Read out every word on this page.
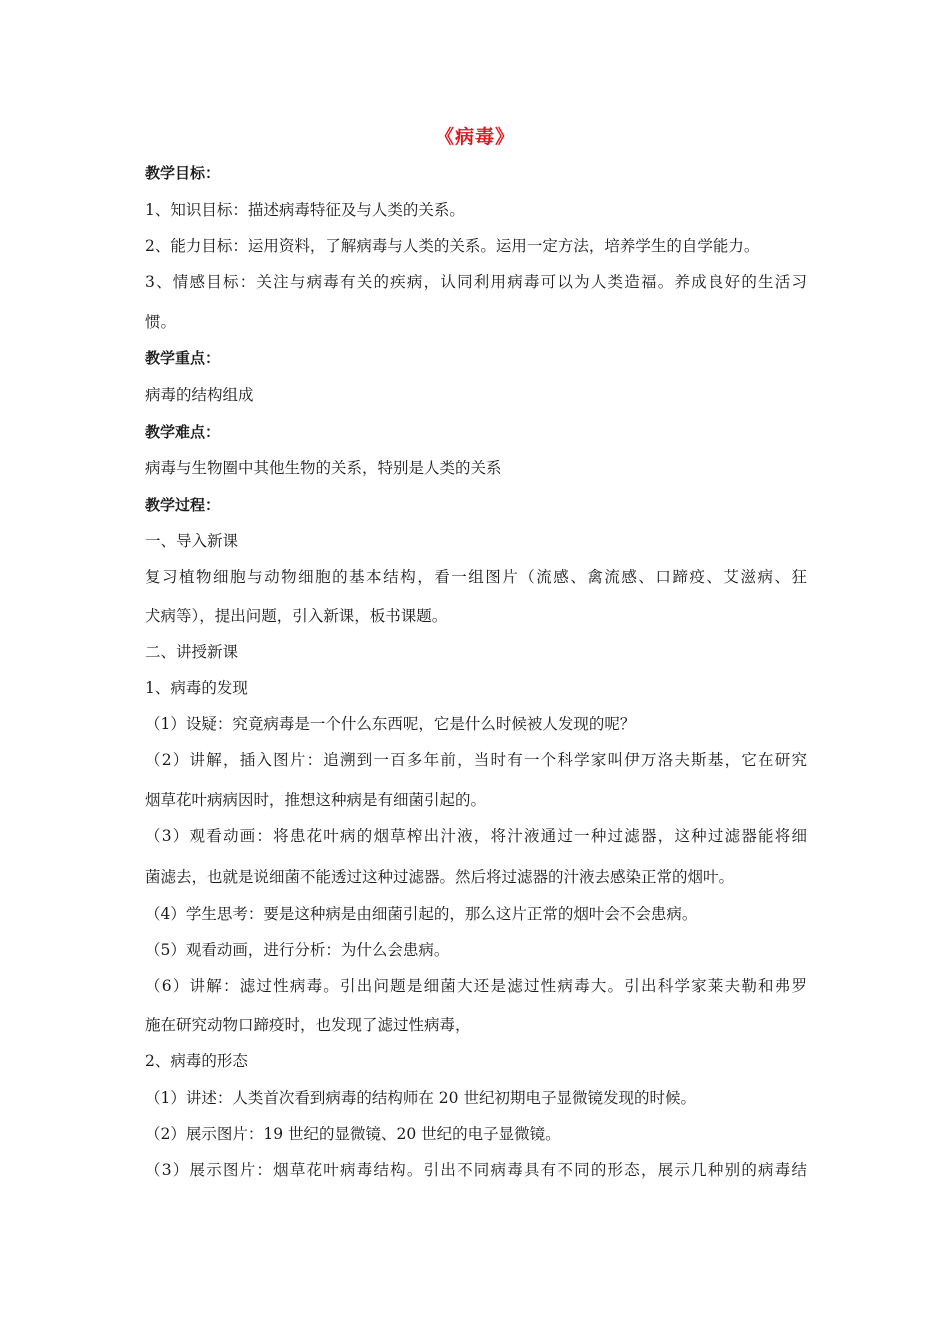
《病毒》
教学目标：
1、知识目标：描述病毒特征及与人类的关系。
2、能力目标：运用资料，了解病毒与人类的关系。运用一定方法，培养学生的自学能力。
3、情感目标：关注与病毒有关的疾病，认同利用病毒可以为人类造福。养成良好的生活习
惯。
教学重点：
病毒的结构组成
教学难点：
病毒与生物圈中其他生物的关系，特别是人类的关系
教学过程：
一、导入新课
复习植物细胞与动物细胞的基本结构，看一组图片（流感、禽流感、口蹄疫、艾滋病、狂
犬病等），提出问题，引入新课，板书课题。
二、讲授新课
1、病毒的发现
（1）设疑：究竟病毒是一个什么东西呢，它是什么时候被人发现的呢？
（2）讲解，插入图片：追溯到一百多年前，当时有一个科学家叫伊万洛夫斯基，它在研究
烟草花叶病病因时，推想这种病是有细菌引起的。
（3）观看动画：将患花叶病的烟草榨出汁液，将汁液通过一种过滤器，这种过滤器能将细
菌滤去，也就是说细菌不能透过这种过滤器。然后将过滤器的汁液去感染正常的烟叶。
（4）学生思考：要是这种病是由细菌引起的，那么这片正常的烟叶会不会患病。
（5）观看动画，进行分析：为什么会患病。
（6）讲解：滤过性病毒。引出问题是细菌大还是滤过性病毒大。引出科学家莱夫勒和弗罗
施在研究动物口蹄疫时，也发现了滤过性病毒，
2、病毒的形态
（1）讲述：人类首次看到病毒的结构师在 20 世纪初期电子显微镜发现的时候。
（2）展示图片：19 世纪的显微镜、20 世纪的电子显微镜。
（3）展示图片：烟草花叶病毒结构。引出不同病毒具有不同的形态，展示几种别的病毒结
